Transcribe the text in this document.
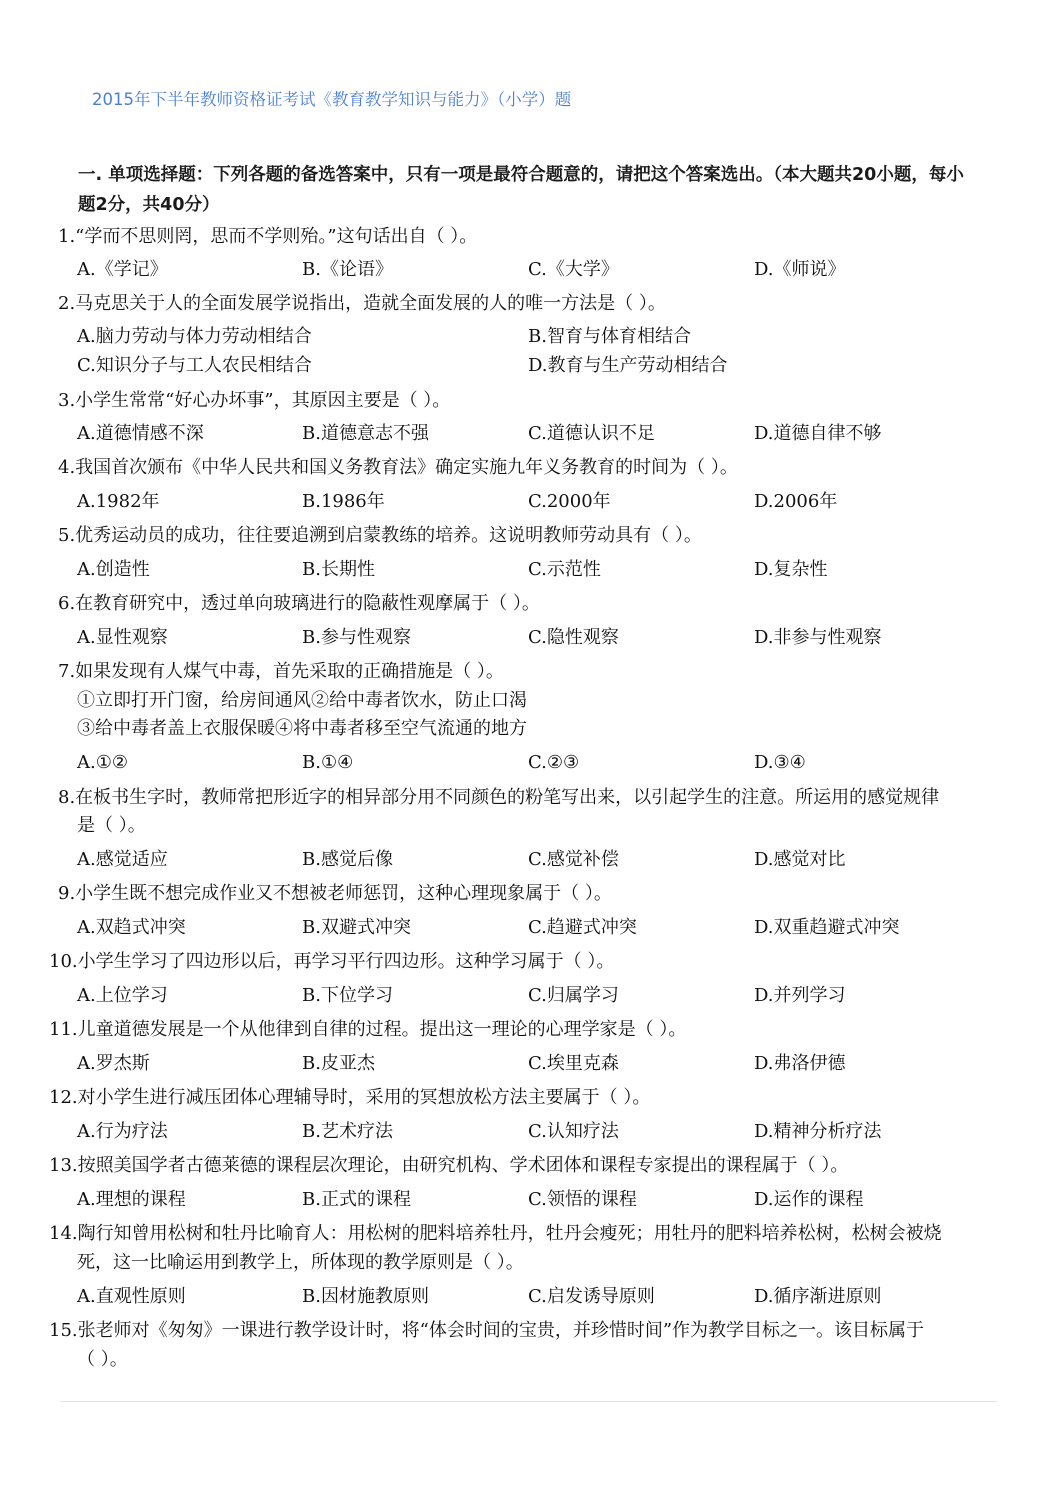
2015年下半年教师资格证考试《教育教学知识与能力》（小学）题
一. 单项选择题：下列各题的备选答案中，只有一项是最符合题意的，请把这个答案选出。（本大题共20小题，每小题2分，共40分）
1.“学而不思则罔，思而不学则殆。”这句话出自（ ）。
A.《学记》	B.《论语》	C.《大学》	D.《师说》
2.马克思关于人的全面发展学说指出，造就全面发展的人的唯一方法是（ ）。
A.脑力劳动与体力劳动相结合	B.智育与体育相结合
C.知识分子与工人农民相结合	D.教育与生产劳动相结合
3.小学生常常“好心办坏事”，其原因主要是（ ）。
A.道德情感不深	B.道德意志不强	C.道德认识不足	D.道德自律不够
4.我国首次颁布《中华人民共和国义务教育法》确定实施九年义务教育的时间为（ ）。
A.1982年	B.1986年	C.2000年	D.2006年
5.优秀运动员的成功，往往要追溯到启蒙教练的培养。这说明教师劳动具有（ ）。
A.创造性	B.长期性	C.示范性	D.复杂性
6.在教育研究中，透过单向玻璃进行的隐蔽性观摩属于（ ）。
A.显性观察	B.参与性观察	C.隐性观察	D.非参与性观察
7.如果发现有人煤气中毒，首先采取的正确措施是（ ）。
①立即打开门窗，给房间通风②给中毒者饮水，防止口渴
③给中毒者盖上衣服保暖④将中毒者移至空气流通的地方
A.①②	B.①④	C.②③	D.③④
8.在板书生字时，教师常把形近字的相异部分用不同颜色的粉笔写出来，以引起学生的注意。所运用的感觉规律
是（ ）。
A.感觉适应	B.感觉后像	C.感觉补偿	D.感觉对比
9.小学生既不想完成作业又不想被老师惩罚，这种心理现象属于（ ）。
A.双趋式冲突	B.双避式冲突	C.趋避式冲突	D.双重趋避式冲突
10.小学生学习了四边形以后，再学习平行四边形。这种学习属于（ ）。
A.上位学习	B.下位学习	C.归属学习	D.并列学习
11.儿童道德发展是一个从他律到自律的过程。提出这一理论的心理学家是（ ）。
A.罗杰斯	B.皮亚杰	C.埃里克森	D.弗洛伊德
12.对小学生进行减压团体心理辅导时，采用的冥想放松方法主要属于（ ）。
A.行为疗法	B.艺术疗法	C.认知疗法	D.精神分析疗法
13.按照美国学者古德莱德的课程层次理论，由研究机构、学术团体和课程专家提出的课程属于（ ）。
A.理想的课程	B.正式的课程	C.领悟的课程	D.运作的课程
14.陶行知曾用松树和牡丹比喻育人：用松树的肥料培养牡丹，牡丹会瘦死；用牡丹的肥料培养松树，松树会被烧
死，这一比喻运用到教学上，所体现的教学原则是（ ）。
A.直观性原则	B.因材施教原则	C.启发诱导原则	D.循序渐进原则
15.张老师对《匆匆》一课进行教学设计时，将“体会时间的宝贵，并珍惜时间”作为教学目标之一。该目标属于
（ ）。
